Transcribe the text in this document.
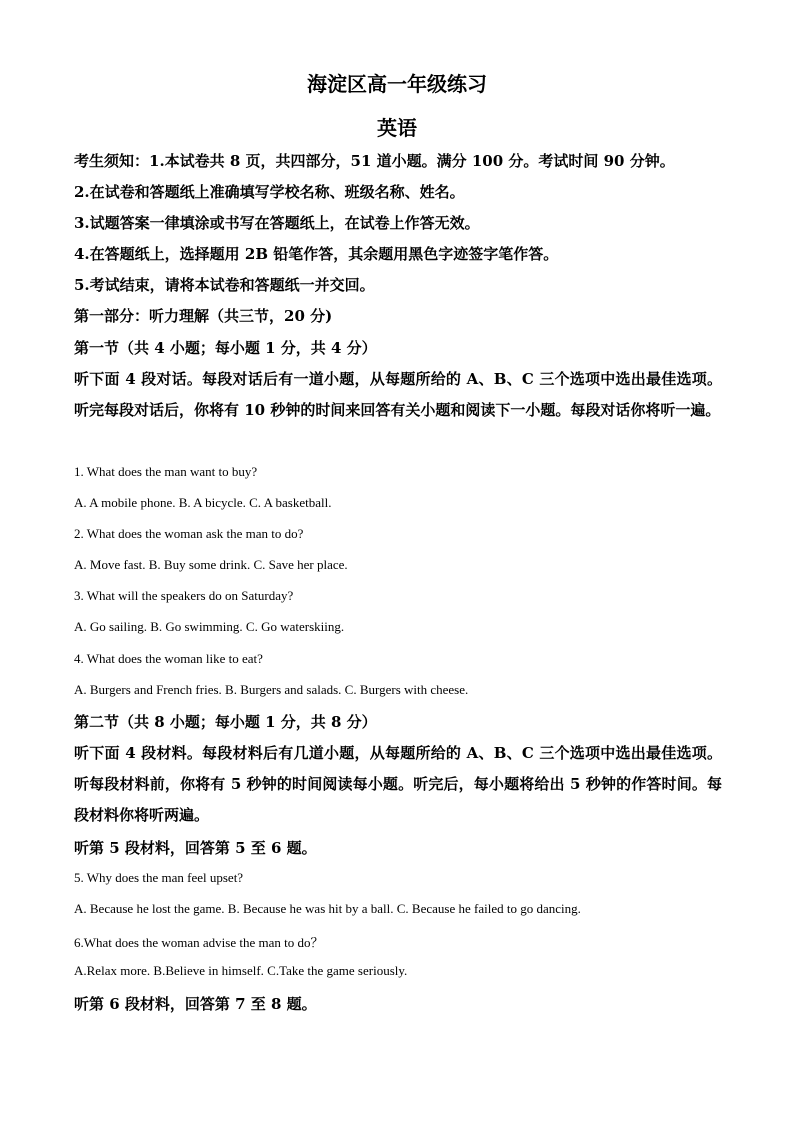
海淀区高一年级练习
英语

考生须知：1.本试卷共 8 页，共四部分，51 道小题。满分 100 分。考试时间 90 分钟。

2.在试卷和答题纸上准确填写学校名称、班级名称、姓名。

3.试题答案一律填涂或书写在答题纸上，在试卷上作答无效。

4.在答题纸上，选择题用 2B 铅笔作答，其余题用黑色字迹签字笔作答。

5.考试结束，请将本试卷和答题纸一并交回。

第一部分：听力理解（共三节，20 分)

第一节（共 4 小题；每小题 1 分，共 4 分）

听下面 4 段对话。每段对话后有一道小题，从每题所给的 A、B、C 三个选项中选出最佳选项。听完每段对话后，你将有 10 秒钟的时间来回答有关小题和阅读下一小题。每段对话你将听一遍。

1. What does the man want to buy?

A. A mobile phone. B. A bicycle. C. A basketball.

2. What does the woman ask the man to do?

A. Move fast. B. Buy some drink. C. Save her place.

3. What will the speakers do on Saturday?

A. Go sailing. B. Go swimming. C. Go waterskiing.

4. What does the woman like to eat?

A. Burgers and French fries. B. Burgers and salads. C. Burgers with cheese.

第二节（共 8 小题；每小题 1 分，共 8 分）

听下面 4 段材料。每段材料后有几道小题，从每题所给的 A、B、C 三个选项中选出最佳选项。听每段材料前，你将有 5 秒钟的时间阅读每小题。听完后，每小题将给出 5 秒钟的作答时间。每段材料你将听两遍。

听第 5 段材料，回答第 5 至 6 题。

5. Why does the man feel upset?

A. Because he lost the game. B. Because he was hit by a ball. C. Because he failed to go dancing.

6.What does the woman advise the man to do？

A.Relax more. B.Believe in himself. C.Take the game seriously.

听第 6 段材料，回答第 7 至 8 题。
